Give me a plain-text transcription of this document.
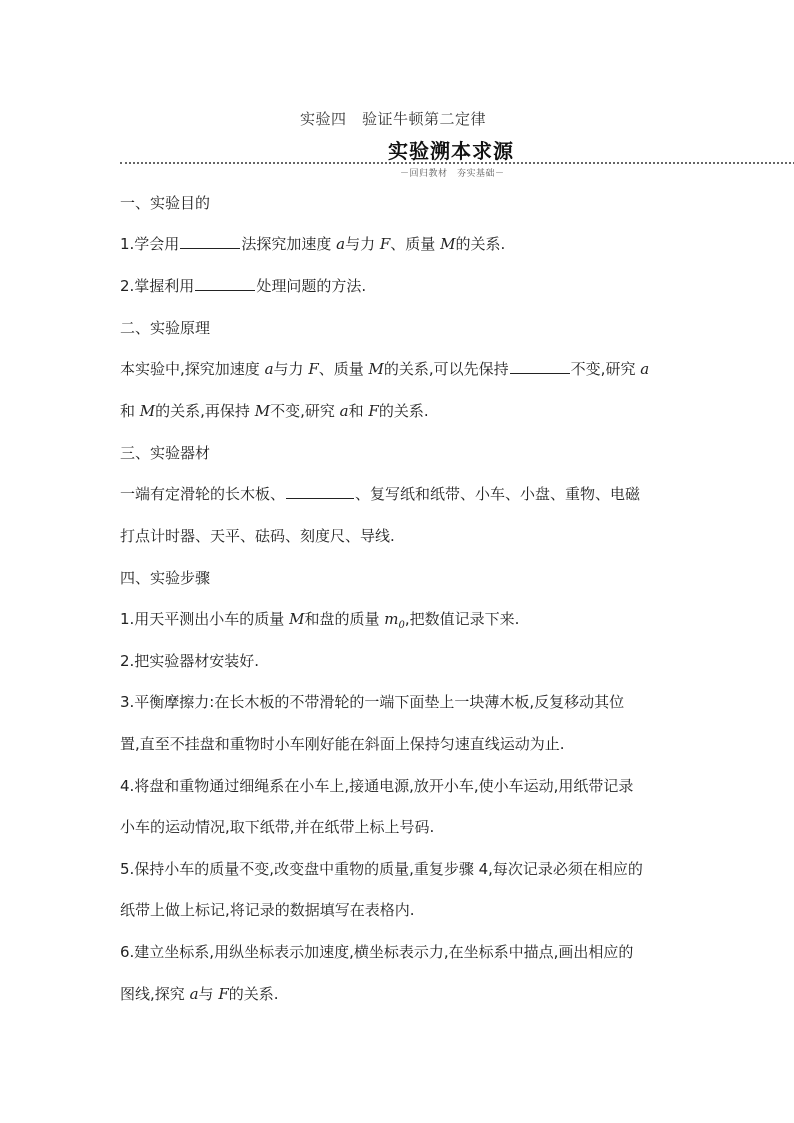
实验四　验证牛顿第二定律
实验溯本求源
－回归教材　夯实基础－
一、实验目的
1.学会用	法探究加速度 a与力 F、质量 M的关系.
2.掌握利用	处理问题的方法.
二、实验原理
本实验中,探究加速度 a与力 F、质量 M的关系,可以先保持	不变,研究 a
和 M的关系,再保持 M不变,研究 a和 F的关系.
三、实验器材
一端有定滑轮的长木板、	、复写纸和纸带、小车、小盘、重物、电磁
打点计时器、天平、砝码、刻度尺、导线.
四、实验步骤
1.用天平测出小车的质量 M和盘的质量 $m_0$,把数值记录下来.
2.把实验器材安装好.
3.平衡摩擦力:在长木板的不带滑轮的一端下面垫上一块薄木板,反复移动其位
置,直至不挂盘和重物时小车刚好能在斜面上保持匀速直线运动为止.
4.将盘和重物通过细绳系在小车上,接通电源,放开小车,使小车运动,用纸带记录
小车的运动情况,取下纸带,并在纸带上标上号码.
5.保持小车的质量不变,改变盘中重物的质量,重复步骤 4,每次记录必须在相应的
纸带上做上标记,将记录的数据填写在表格内.
6.建立坐标系,用纵坐标表示加速度,横坐标表示力,在坐标系中描点,画出相应的
图线,探究 a与 F的关系.
